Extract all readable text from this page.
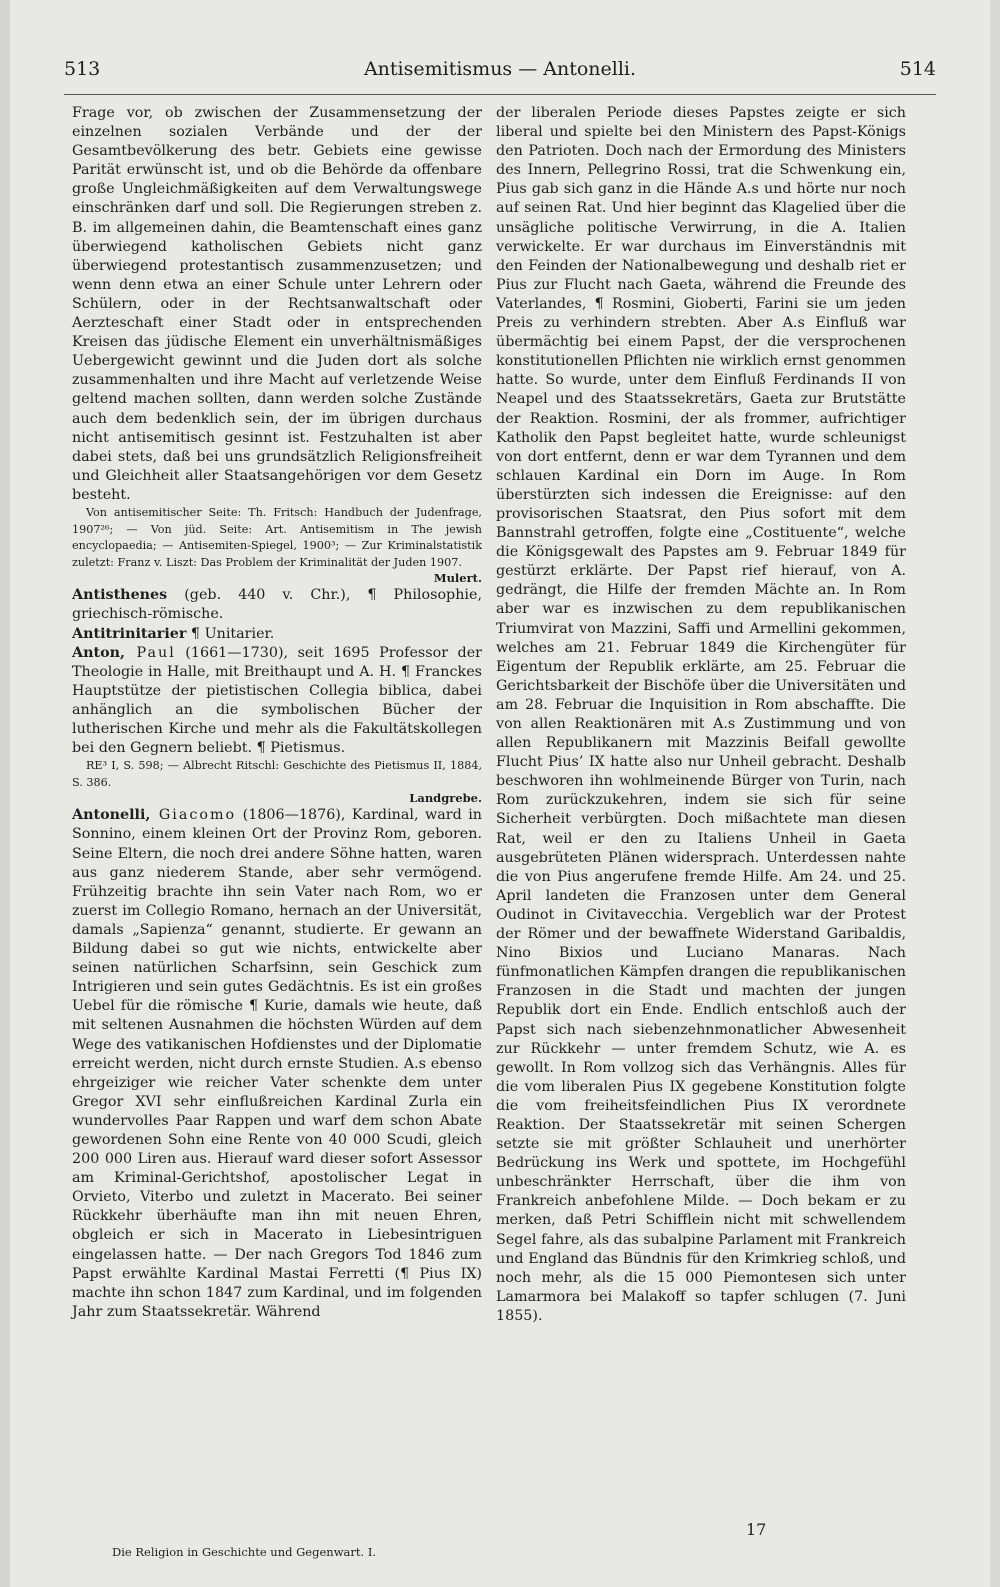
513	Antisemitismus — Antonelli.	514

Frage vor, ob zwischen der Zusammensetzung der einzelnen sozialen Verbände und der der Gesamtbevölkerung des betr. Gebiets eine gewisse Parität erwünscht ist, und ob die Behörde da offenbare große Ungleichmäßigkeiten auf dem Verwaltungswege einschränken darf und soll. Die Regierungen streben z. B. im allgemeinen dahin, die Beamtenschaft eines ganz überwiegend katholischen Gebiets nicht ganz überwiegend protestantisch zusammenzusetzen; und wenn denn etwa an einer Schule unter Lehrern oder Schülern, oder in der Rechtsanwaltschaft oder Aerzteschaft einer Stadt oder in entsprechenden Kreisen das jüdische Element ein unverhältnismäßiges Uebergewicht gewinnt und die Juden dort als solche zusammenhalten und ihre Macht auf verletzende Weise geltend machen sollten, dann werden solche Zustände auch dem bedenklich sein, der im übrigen durchaus nicht antisemitisch gesinnt ist. Festzuhalten ist aber dabei stets, daß bei uns grundsätzlich Religionsfreiheit und Gleichheit aller Staatsangehörigen vor dem Gesetz besteht.

Von antisemitischer Seite: Th. Fritsch: Handbuch der Judenfrage, 1907²⁶; — Von jüd. Seite: Art. Antisemitism in The jewish encyclopaedia; — Antisemiten-Spiegel, 1900³; — Zur Kriminalstatistik zuletzt: Franz v. Liszt: Das Problem der Kriminalität der Juden 1907.

Mulert.

Antisthenes (geb. 440 v. Chr.), ¶ Philosophie, griechisch-römische.

Antitrinitarier ¶ Unitarier.

Anton, Paul (1661—1730), seit 1695 Professor der Theologie in Halle, mit Breithaupt und A. H. ¶ Franckes Hauptstütze der pietistischen Collegia biblica, dabei anhänglich an die symbolischen Bücher der lutherischen Kirche und mehr als die Fakultätskollegen bei den Gegnern beliebt. ¶ Pietismus.

RE³ I, S. 598; — Albrecht Ritschl: Geschichte des Pietismus II, 1884, S. 386.

Landgrebe.

Antonelli, Giacomo (1806—1876), Kardinal, ward in Sonnino, einem kleinen Ort der Provinz Rom, geboren. Seine Eltern, die noch drei andere Söhne hatten, waren aus ganz niederem Stande, aber sehr vermögend. Frühzeitig brachte ihn sein Vater nach Rom, wo er zuerst im Collegio Romano, hernach an der Universität, damals „Sapienza“ genannt, studierte. Er gewann an Bildung dabei so gut wie nichts, entwickelte aber seinen natürlichen Scharfsinn, sein Geschick zum Intrigieren und sein gutes Gedächtnis. Es ist ein großes Uebel für die römische ¶ Kurie, damals wie heute, daß mit seltenen Ausnahmen die höchsten Würden auf dem Wege des vatikanischen Hofdienstes und der Diplomatie erreicht werden, nicht durch ernste Studien. A.s ebenso ehrgeiziger wie reicher Vater schenkte dem unter Gregor XVI sehr einflußreichen Kardinal Zurla ein wundervolles Paar Rappen und warf dem schon Abate gewordenen Sohn eine Rente von 40 000 Scudi, gleich 200 000 Liren aus. Hierauf ward dieser sofort Assessor am Kriminal-Gerichtshof, apostolischer Legat in Orvieto, Viterbo und zuletzt in Macerato. Bei seiner Rückkehr überhäufte man ihn mit neuen Ehren, obgleich er sich in Macerato in Liebesintriguen eingelassen hatte. — Der nach Gregors Tod 1846 zum Papst erwählte Kardinal Mastai Ferretti (¶ Pius IX) machte ihn schon 1847 zum Kardinal, und im folgenden Jahr zum Staatssekretär. Während

der liberalen Periode dieses Papstes zeigte er sich liberal und spielte bei den Ministern des Papst-Königs den Patrioten. Doch nach der Ermordung des Ministers des Innern, Pellegrino Rossi, trat die Schwenkung ein, Pius gab sich ganz in die Hände A.s und hörte nur noch auf seinen Rat. Und hier beginnt das Klagelied über die unsägliche politische Verwirrung, in die A. Italien verwickelte. Er war durchaus im Einverständnis mit den Feinden der Nationalbewegung und deshalb riet er Pius zur Flucht nach Gaeta, während die Freunde des Vaterlandes, ¶ Rosmini, Gioberti, Farini sie um jeden Preis zu verhindern strebten. Aber A.s Einfluß war übermächtig bei einem Papst, der die versprochenen konstitutionellen Pflichten nie wirklich ernst genommen hatte. So wurde, unter dem Einfluß Ferdinands II von Neapel und des Staatssekretärs, Gaeta zur Brutstätte der Reaktion. Rosmini, der als frommer, aufrichtiger Katholik den Papst begleitet hatte, wurde schleunigst von dort entfernt, denn er war dem Tyrannen und dem schlauen Kardinal ein Dorn im Auge. In Rom überstürzten sich indessen die Ereignisse: auf den provisorischen Staatsrat, den Pius sofort mit dem Bannstrahl getroffen, folgte eine „Costituente“, welche die Königsgewalt des Papstes am 9. Februar 1849 für gestürzt erklärte. Der Papst rief hierauf, von A. gedrängt, die Hilfe der fremden Mächte an. In Rom aber war es inzwischen zu dem republikanischen Triumvirat von Mazzini, Saffi und Armellini gekommen, welches am 21. Februar 1849 die Kirchengüter für Eigentum der Republik erklärte, am 25. Februar die Gerichtsbarkeit der Bischöfe über die Universitäten und am 28. Februar die Inquisition in Rom abschaffte. Die von allen Reaktionären mit A.s Zustimmung und von allen Republikanern mit Mazzinis Beifall gewollte Flucht Pius’ IX hatte also nur Unheil gebracht. Deshalb beschworen ihn wohlmeinende Bürger von Turin, nach Rom zurückzukehren, indem sie sich für seine Sicherheit verbürgten. Doch mißachtete man diesen Rat, weil er den zu Italiens Unheil in Gaeta ausgebrüteten Plänen widersprach. Unterdessen nahte die von Pius angerufene fremde Hilfe. Am 24. und 25. April landeten die Franzosen unter dem General Oudinot in Civitavecchia. Vergeblich war der Protest der Römer und der bewaffnete Widerstand Garibaldis, Nino Bixios und Luciano Manaras. Nach fünfmonatlichen Kämpfen drangen die republikanischen Franzosen in die Stadt und machten der jungen Republik dort ein Ende. Endlich entschloß auch der Papst sich nach siebenzehnmonatlicher Abwesenheit zur Rückkehr — unter fremdem Schutz, wie A. es gewollt. In Rom vollzog sich das Verhängnis. Alles für die vom liberalen Pius IX gegebene Konstitution folgte die vom freiheitsfeindlichen Pius IX verordnete Reaktion. Der Staatssekretär mit seinen Schergen setzte sie mit größter Schlauheit und unerhörter Bedrückung ins Werk und spottete, im Hochgefühl unbeschränkter Herrschaft, über die ihm von Frankreich anbefohlene Milde. — Doch bekam er zu merken, daß Petri Schifflein nicht mit schwellendem Segel fahre, als das subalpine Parlament mit Frankreich und England das Bündnis für den Krimkrieg schloß, und noch mehr, als die 15 000 Piemontesen sich unter Lamarmora bei Malakoff so tapfer schlugen (7. Juni 1855).

Die Religion in Geschichte und Gegenwart. I.
17
